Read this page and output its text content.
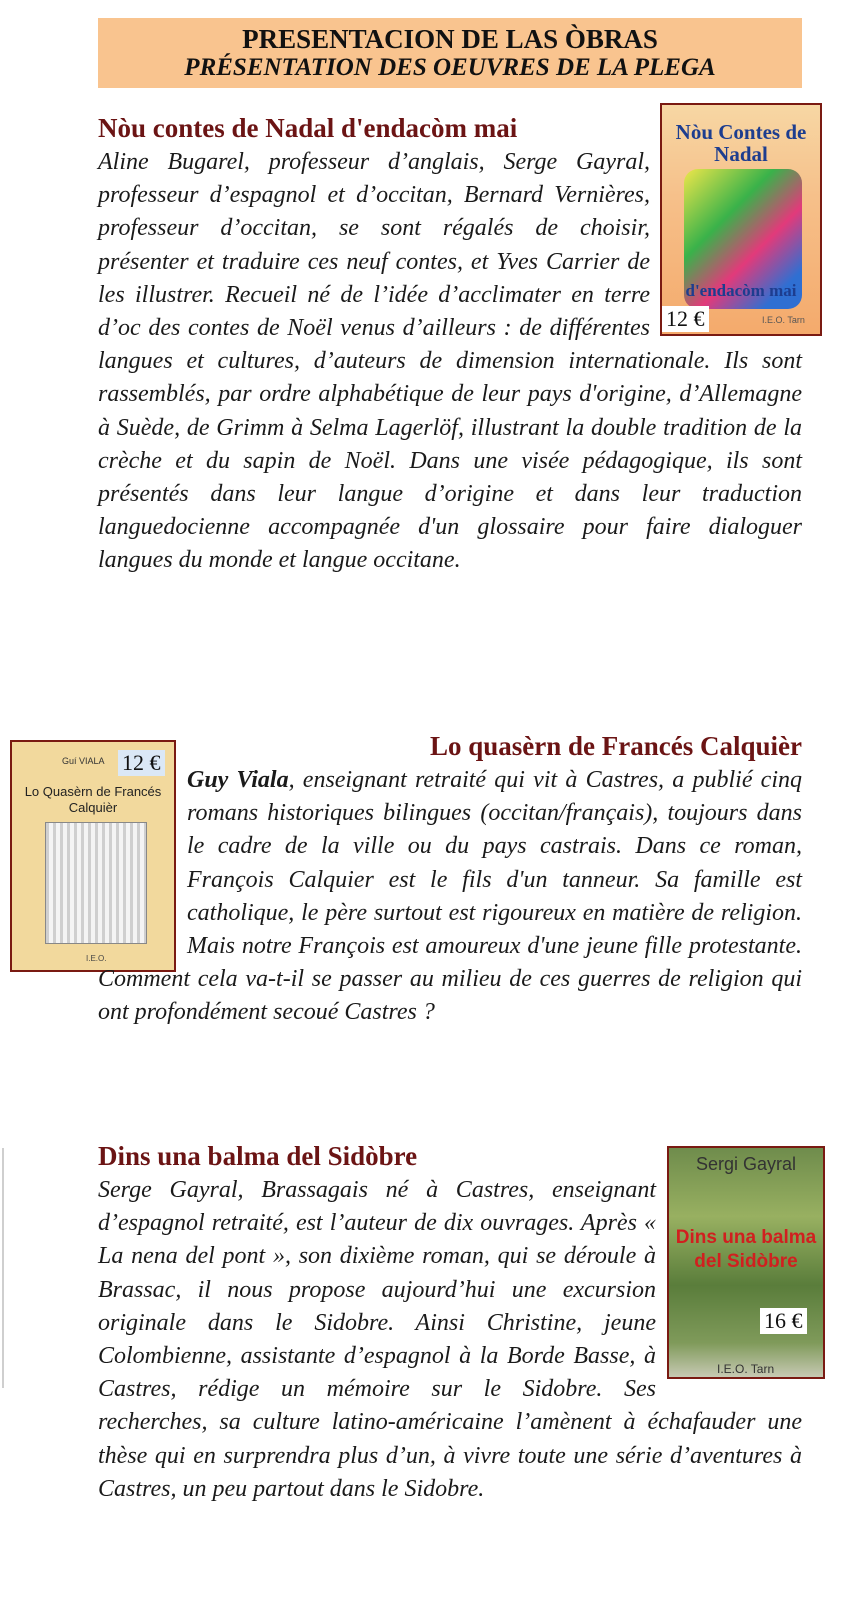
PRESENTACION DE LAS ÒBRAS
PRÉSENTATION DES OEUVRES DE LA PLEGA
Nòu contes de Nadal d'endacòm mai	Nòu Contes de Nadal
d'endacòm mai
I.E.O. Tarn
12 €
Lo quasèrn de Francés Calquièr
Guí VIALA
Lo Quasèrn de Francés Calquièr
I.E.O.
12 €
Dins una balma del Sidòbre	Sergi Gayral
Dins una balma del Sidòbre
I.E.O. Tarn
16 €
Aline Bugarel, professeur d’anglais, Serge Gayral,
professeur d’espagnol et d’occitan, Bernard Vernières,
professeur d’occitan, se sont régalés de choisir,
présenter et traduire ces neuf contes, et Yves Carrier de
les illustrer. Recueil né de l’idée d’acclimater en terre
d’oc des contes de Noël venus d’ailleurs : de différentes
langues et cultures, d’auteurs de dimension internationale. Ils sont rassemblés, par ordre alphabétique de leur pays d'origine, d’Allemagne à Suède, de Grimm à Selma Lagerlöf, illustrant la double tradition de la crèche et du sapin de Noël. Dans une visée pédagogique, ils sont présentés dans leur langue d’origine et dans leur traduction languedocienne accompagnée d'un glossaire pour faire dialoguer langues du monde et langue occitane.
Guy Viala, enseignant retraité qui vit à Castres, a publié cinq
romans historiques bilingues (occitan/français), toujours dans
le cadre de la ville ou du pays castrais. Dans ce roman,
François Calquier est le fils d'un tanneur. Sa famille est
catholique, le père surtout est rigoureux en matière de religion.
Mais notre François est amoureux d'une jeune fille protestante.
Comment cela va-t-il se passer au milieu de ces guerres de religion qui ont profondément secoué Castres ?
Serge Gayral, Brassagais né à Castres, enseignant
d’espagnol retraité, est l’auteur de dix ouvrages. Après «
La nena del pont », son dixième roman, qui se déroule à
Brassac, il nous propose aujourd’hui une excursion
originale dans le Sidobre. Ainsi Christine, jeune
Colombienne, assistante d’espagnol à la Borde Basse, à
Castres, rédige un mémoire sur le Sidobre. Ses
recherches, sa culture latino-américaine l’amènent à échafauder une thèse qui en surprendra plus d’un, à vivre toute une série d’aventures à Castres, un peu partout dans le Sidobre.
